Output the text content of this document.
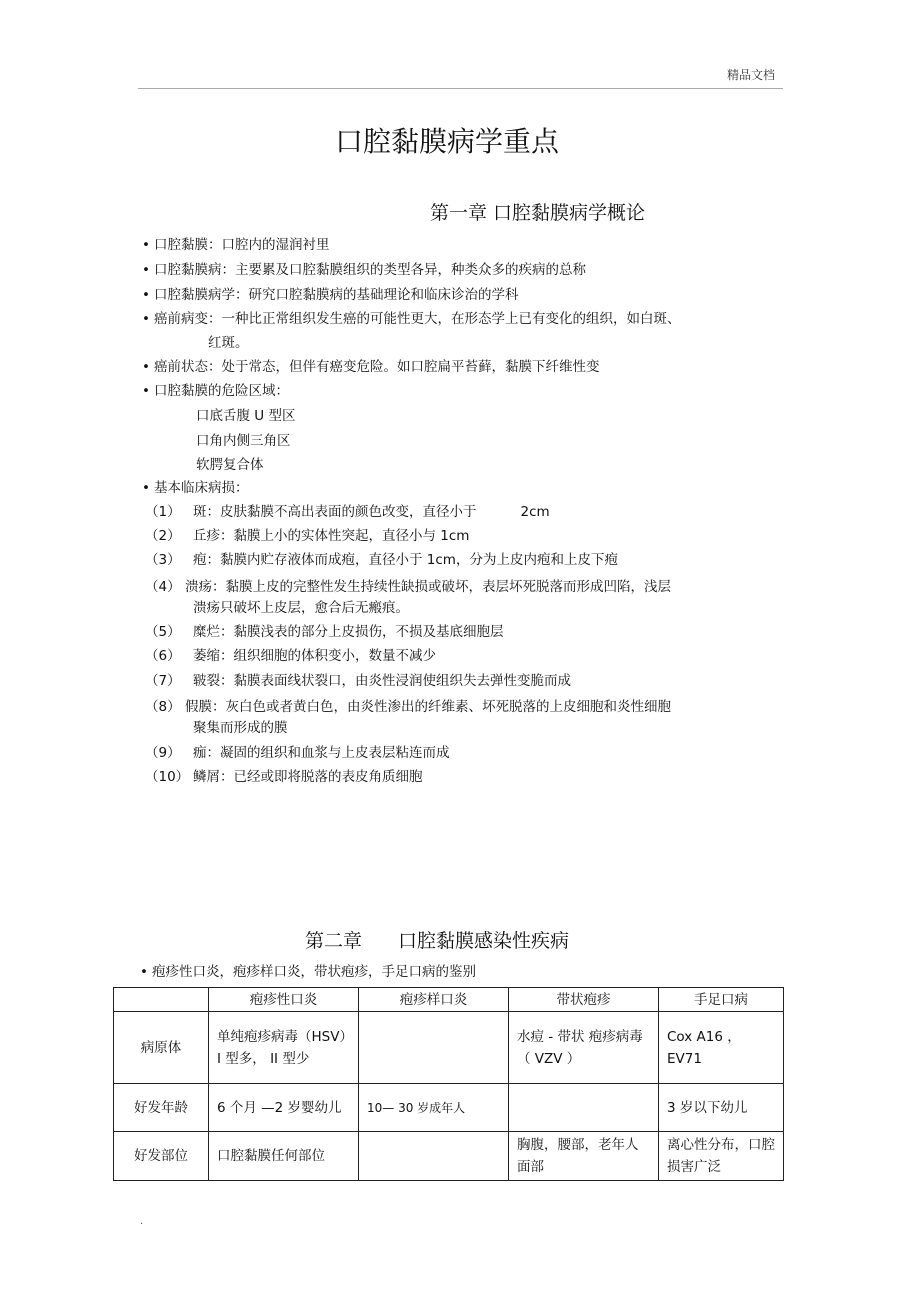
精品文档
口腔黏膜病学重点
第一章 口腔黏膜病学概论
• 口腔黏膜：口腔内的湿润衬里
• 口腔黏膜病：主要累及口腔黏膜组织的类型各异，种类众多的疾病的总称
• 口腔黏膜病学：研究口腔黏膜病的基础理论和临床诊治的学科
• 癌前病变：一种比正常组织发生癌的可能性更大，在形态学上已有变化的组织，如白斑、
红斑。
• 癌前状态：处于常态，但伴有癌变危险。如口腔扁平苔藓，黏膜下纤维性变
• 口腔黏膜的危险区域：
口底舌腹 U 型区
口角内侧三角区
软腭复合体
• 基本临床病损：
（1） 斑：皮肤黏膜不高出表面的颜色改变，直径小于	2cm
（2） 丘疹：黏膜上小的实体性突起，直径小与 1cm
（3） 疱：黏膜内贮存液体而成疱，直径小于 1cm，分为上皮内疱和上皮下疱
（4） 溃疡：黏膜上皮的完整性发生持续性缺损或破坏，表层坏死脱落而形成凹陷，浅层
溃疡只破坏上皮层，愈合后无瘢痕。
（5） 糜烂：黏膜浅表的部分上皮损伤，不损及基底细胞层
（6） 萎缩：组织细胞的体积变小，数量不减少
（7） 皲裂：黏膜表面线状裂口，由炎性浸润使组织失去弹性变脆而成
（8） 假膜：灰白色或者黄白色，由炎性渗出的纤维素、坏死脱落的上皮细胞和炎性细胞
聚集而形成的膜
（9） 痂：凝固的组织和血浆与上皮表层粘连而成
（10） 鳞屑：已经或即将脱落的表皮角质细胞
第二章 口腔黏膜感染性疾病
• 疱疹性口炎，疱疹样口炎，带状疱疹，手足口病的鉴别
	疱疹性口炎	疱疹样口炎	带状疱疹	手足口病
病原体	单纯疱疹病毒（HSV）I 型多， II 型少		水痘 - 带状 疱疹病毒（ VZV ）	Cox A16 ， EV71
好发年龄	6 个月 —2 岁婴幼儿	10— 30 岁成年人		3 岁以下幼儿
好发部位	口腔黏膜任何部位		胸腹，腰部，老年人面部	离心性分布，口腔损害广泛
.
